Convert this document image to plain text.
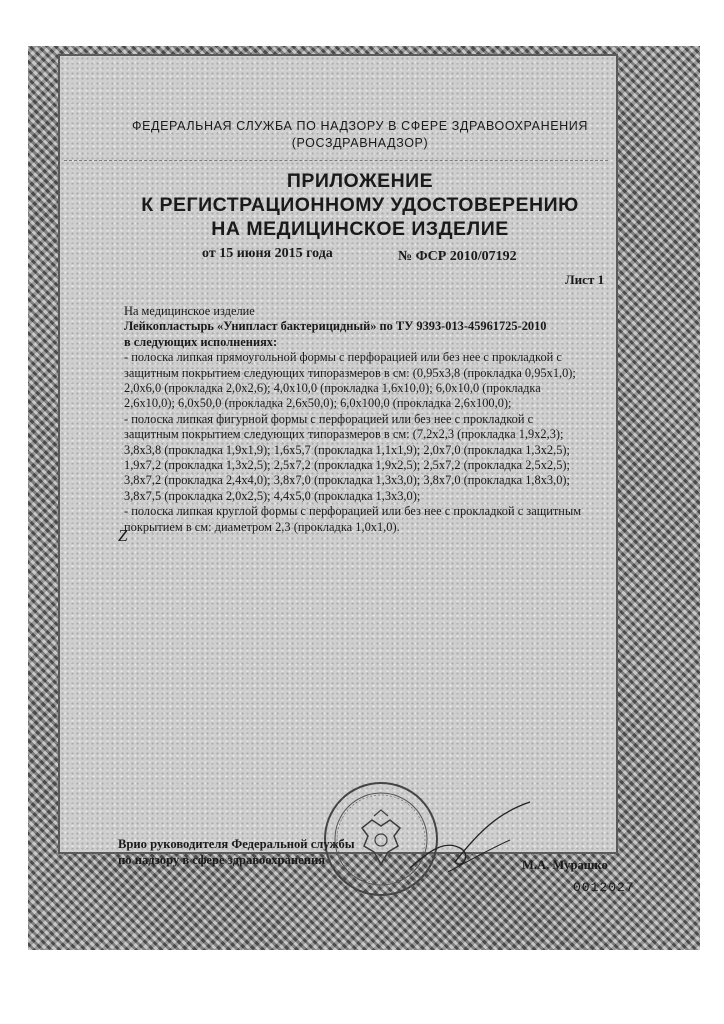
ФЕДЕРАЛЬНАЯ СЛУЖБА ПО НАДЗОРУ В СФЕРЕ ЗДРАВООХРАНЕНИЯ
(РОСЗДРАВНАДЗОР)
ПРИЛОЖЕНИЕ
К РЕГИСТРАЦИОННОМУ УДОСТОВЕРЕНИЮ
НА МЕДИЦИНСКОЕ ИЗДЕЛИЕ
от 15 июня 2015 года	№ ФСР 2010/07192
Лист 1
На медицинское изделие
Лейкопластырь «Унипласт бактерицидный» по ТУ 9393-013-45961725-2010
в следующих исполнениях:
- полоска липкая прямоугольной формы с перфорацией или без нее с прокладкой с
защитным покрытием следующих типоразмеров в см: (0,95х3,8 (прокладка 0,95х1,0);
2,0х6,0 (прокладка 2,0х2,6); 4,0х10,0 (прокладка 1,6х10,0); 6,0х10,0 (прокладка
2,6х10,0); 6,0х50,0 (прокладка 2,6х50,0); 6,0х100,0 (прокладка 2,6х100,0);
- полоска липкая фигурной формы с перфорацией или без нее с прокладкой с
защитным покрытием следующих типоразмеров в см: (7,2х2,3 (прокладка 1,9х2,3);
3,8х3,8 (прокладка 1,9х1,9); 1,6х5,7 (прокладка 1,1х1,9); 2,0х7,0 (прокладка 1,3х2,5);
1,9х7,2 (прокладка 1,3х2,5); 2,5х7,2 (прокладка 1,9х2,5); 2,5х7,2 (прокладка 2,5х2,5);
3,8х7,2 (прокладка 2,4х4,0); 3,8х7,0 (прокладка 1,3х3,0); 3,8х7,0 (прокладка 1,8х3,0);
3,8х7,5 (прокладка 2,0х2,5); 4,4х5,0 (прокладка 1,3х3,0);
- полоска липкая круглой формы с перфорацией или без нее с прокладкой с защитным
покрытием в см: диаметром 2,3 (прокладка 1,0х1,0).
Z
Врио руководителя Федеральной службы
по надзору в сфере здравоохранения	М.А. Мурашко
0012027
